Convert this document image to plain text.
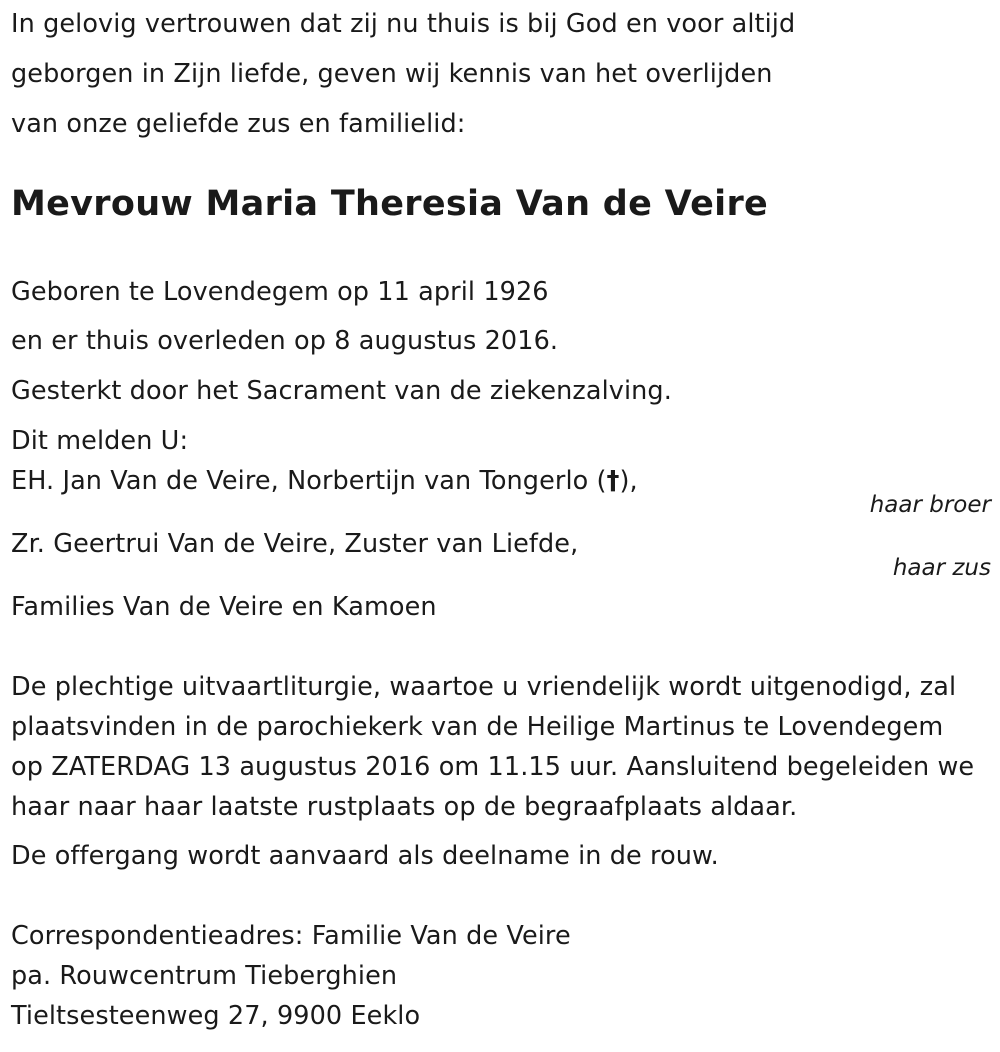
In gelovig vertrouwen dat zij nu thuis is bij God en voor altijd
geborgen in Zijn liefde, geven wij kennis van het overlijden
van onze geliefde zus en familielid:
Mevrouw Maria Theresia Van de Veire
Geboren te Lovendegem op 11 april 1926
en er thuis overleden op 8 augustus 2016.
Gesterkt door het Sacrament van de ziekenzalving.
Dit melden U:
EH. Jan Van de Veire, Norbertijn van Tongerlo (†),
haar broer
Zr. Geertrui Van de Veire, Zuster van Liefde,
haar zus
Families Van de Veire en Kamoen
De plechtige uitvaartliturgie, waartoe u vriendelijk wordt uitgenodigd, zal
plaatsvinden in de parochiekerk van de Heilige Martinus te Lovendegem
op ZATERDAG 13 augustus 2016 om 11.15 uur. Aansluitend begeleiden we
haar naar haar laatste rustplaats op de begraafplaats aldaar.
De offergang wordt aanvaard als deelname in de rouw.
Correspondentieadres: Familie Van de Veire
pa. Rouwcentrum Tieberghien
Tieltsesteenweg 27, 9900 Eeklo
